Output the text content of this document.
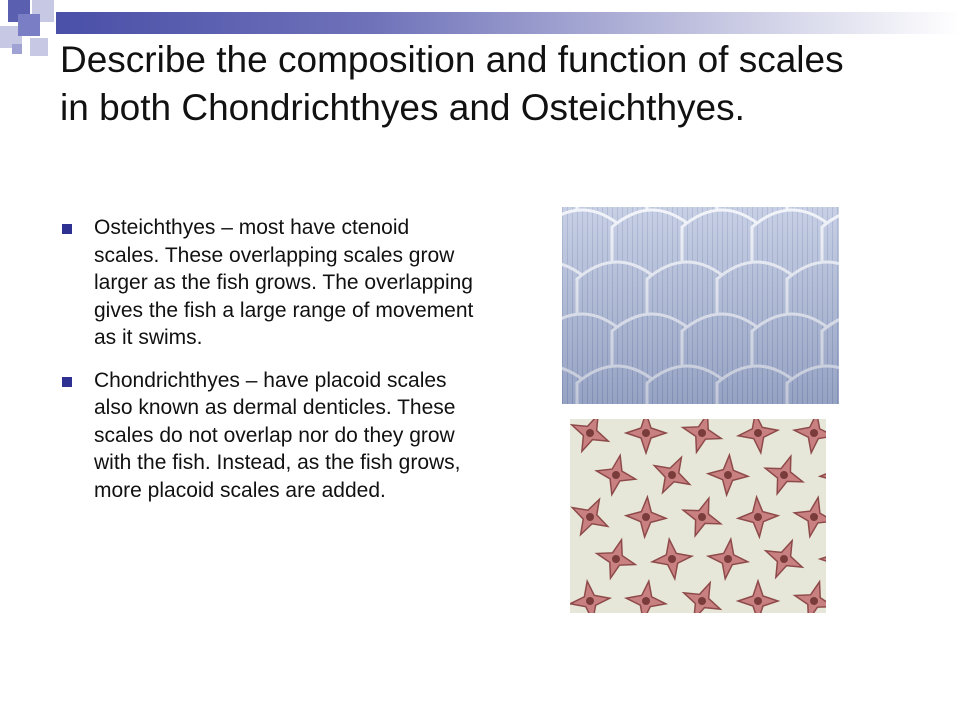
Describe the composition and function of scales in both Chondrichthyes and Osteichthyes.
Osteichthyes – most have ctenoid scales. These overlapping scales grow larger as the fish grows. The overlapping gives the fish a large range of movement as it swims.
Chondrichthyes – have placoid scales also known as dermal denticles. These scales do not overlap nor do they grow with the fish. Instead, as the fish grows, more placoid scales are added.
